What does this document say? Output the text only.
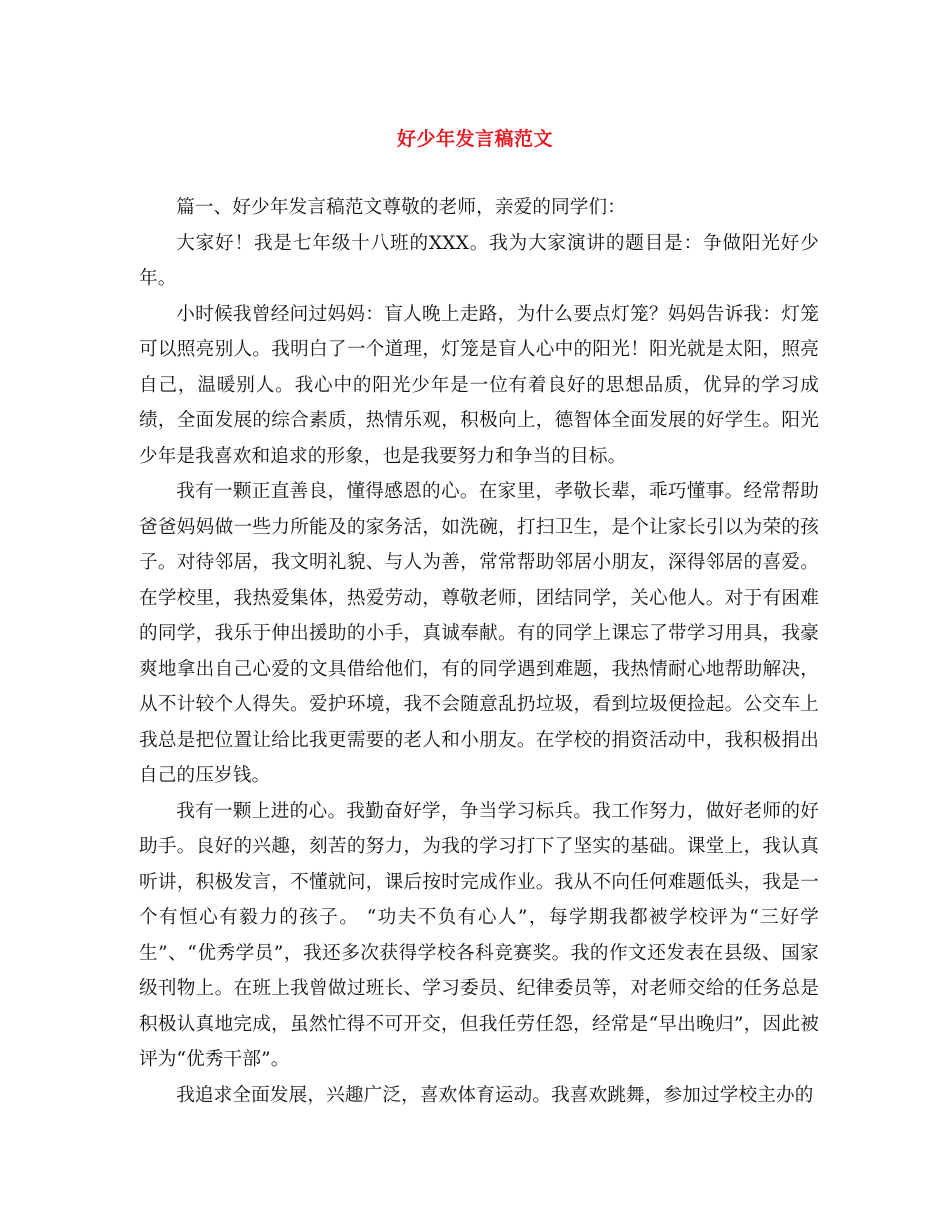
好少年发言稿范文

篇一、好少年发言稿范文尊敬的老师，亲爱的同学们：

大家好！我是七年级十八班的XXX。我为大家演讲的题目是：争做阳光好少年。

小时候我曾经问过妈妈：盲人晚上走路，为什么要点灯笼？妈妈告诉我：灯笼可以照亮别人。我明白了一个道理，灯笼是盲人心中的阳光！阳光就是太阳，照亮自己，温暖别人。我心中的阳光少年是一位有着良好的思想品质，优异的学习成绩，全面发展的综合素质，热情乐观，积极向上，德智体全面发展的好学生。阳光少年是我喜欢和追求的形象，也是我要努力和争当的目标。

我有一颗正直善良，懂得感恩的心。在家里，孝敬长辈，乖巧懂事。经常帮助爸爸妈妈做一些力所能及的家务活，如洗碗，打扫卫生，是个让家长引以为荣的孩子。对待邻居，我文明礼貌、与人为善，常常帮助邻居小朋友，深得邻居的喜爱。在学校里，我热爱集体，热爱劳动，尊敬老师，团结同学，关心他人。对于有困难的同学，我乐于伸出援助的小手，真诚奉献。有的同学上课忘了带学习用具，我豪爽地拿出自己心爱的文具借给他们，有的同学遇到难题，我热情耐心地帮助解决，从不计较个人得失。爱护环境，我不会随意乱扔垃圾，看到垃圾便捡起。公交车上我总是把位置让给比我更需要的老人和小朋友。在学校的捐资活动中，我积极捐出自己的压岁钱。

我有一颗上进的心。我勤奋好学，争当学习标兵。我工作努力，做好老师的好助手。良好的兴趣，刻苦的努力，为我的学习打下了坚实的基础。课堂上，我认真听讲，积极发言，不懂就问，课后按时完成作业。我从不向任何难题低头，我是一个有恒心有毅力的孩子。 “功夫不负有心人”，每学期我都被学校评为“三好学生”、“优秀学员”，我还多次获得学校各科竞赛奖。我的作文还发表在县级、国家级刊物上。在班上我曾做过班长、学习委员、纪律委员等，对老师交给的任务总是积极认真地完成，虽然忙得不可开交，但我任劳任怨，经常是“早出晚归”，因此被评为“优秀干部”。

我追求全面发展，兴趣广泛，喜欢体育运动。我喜欢跳舞，参加过学校主办的
